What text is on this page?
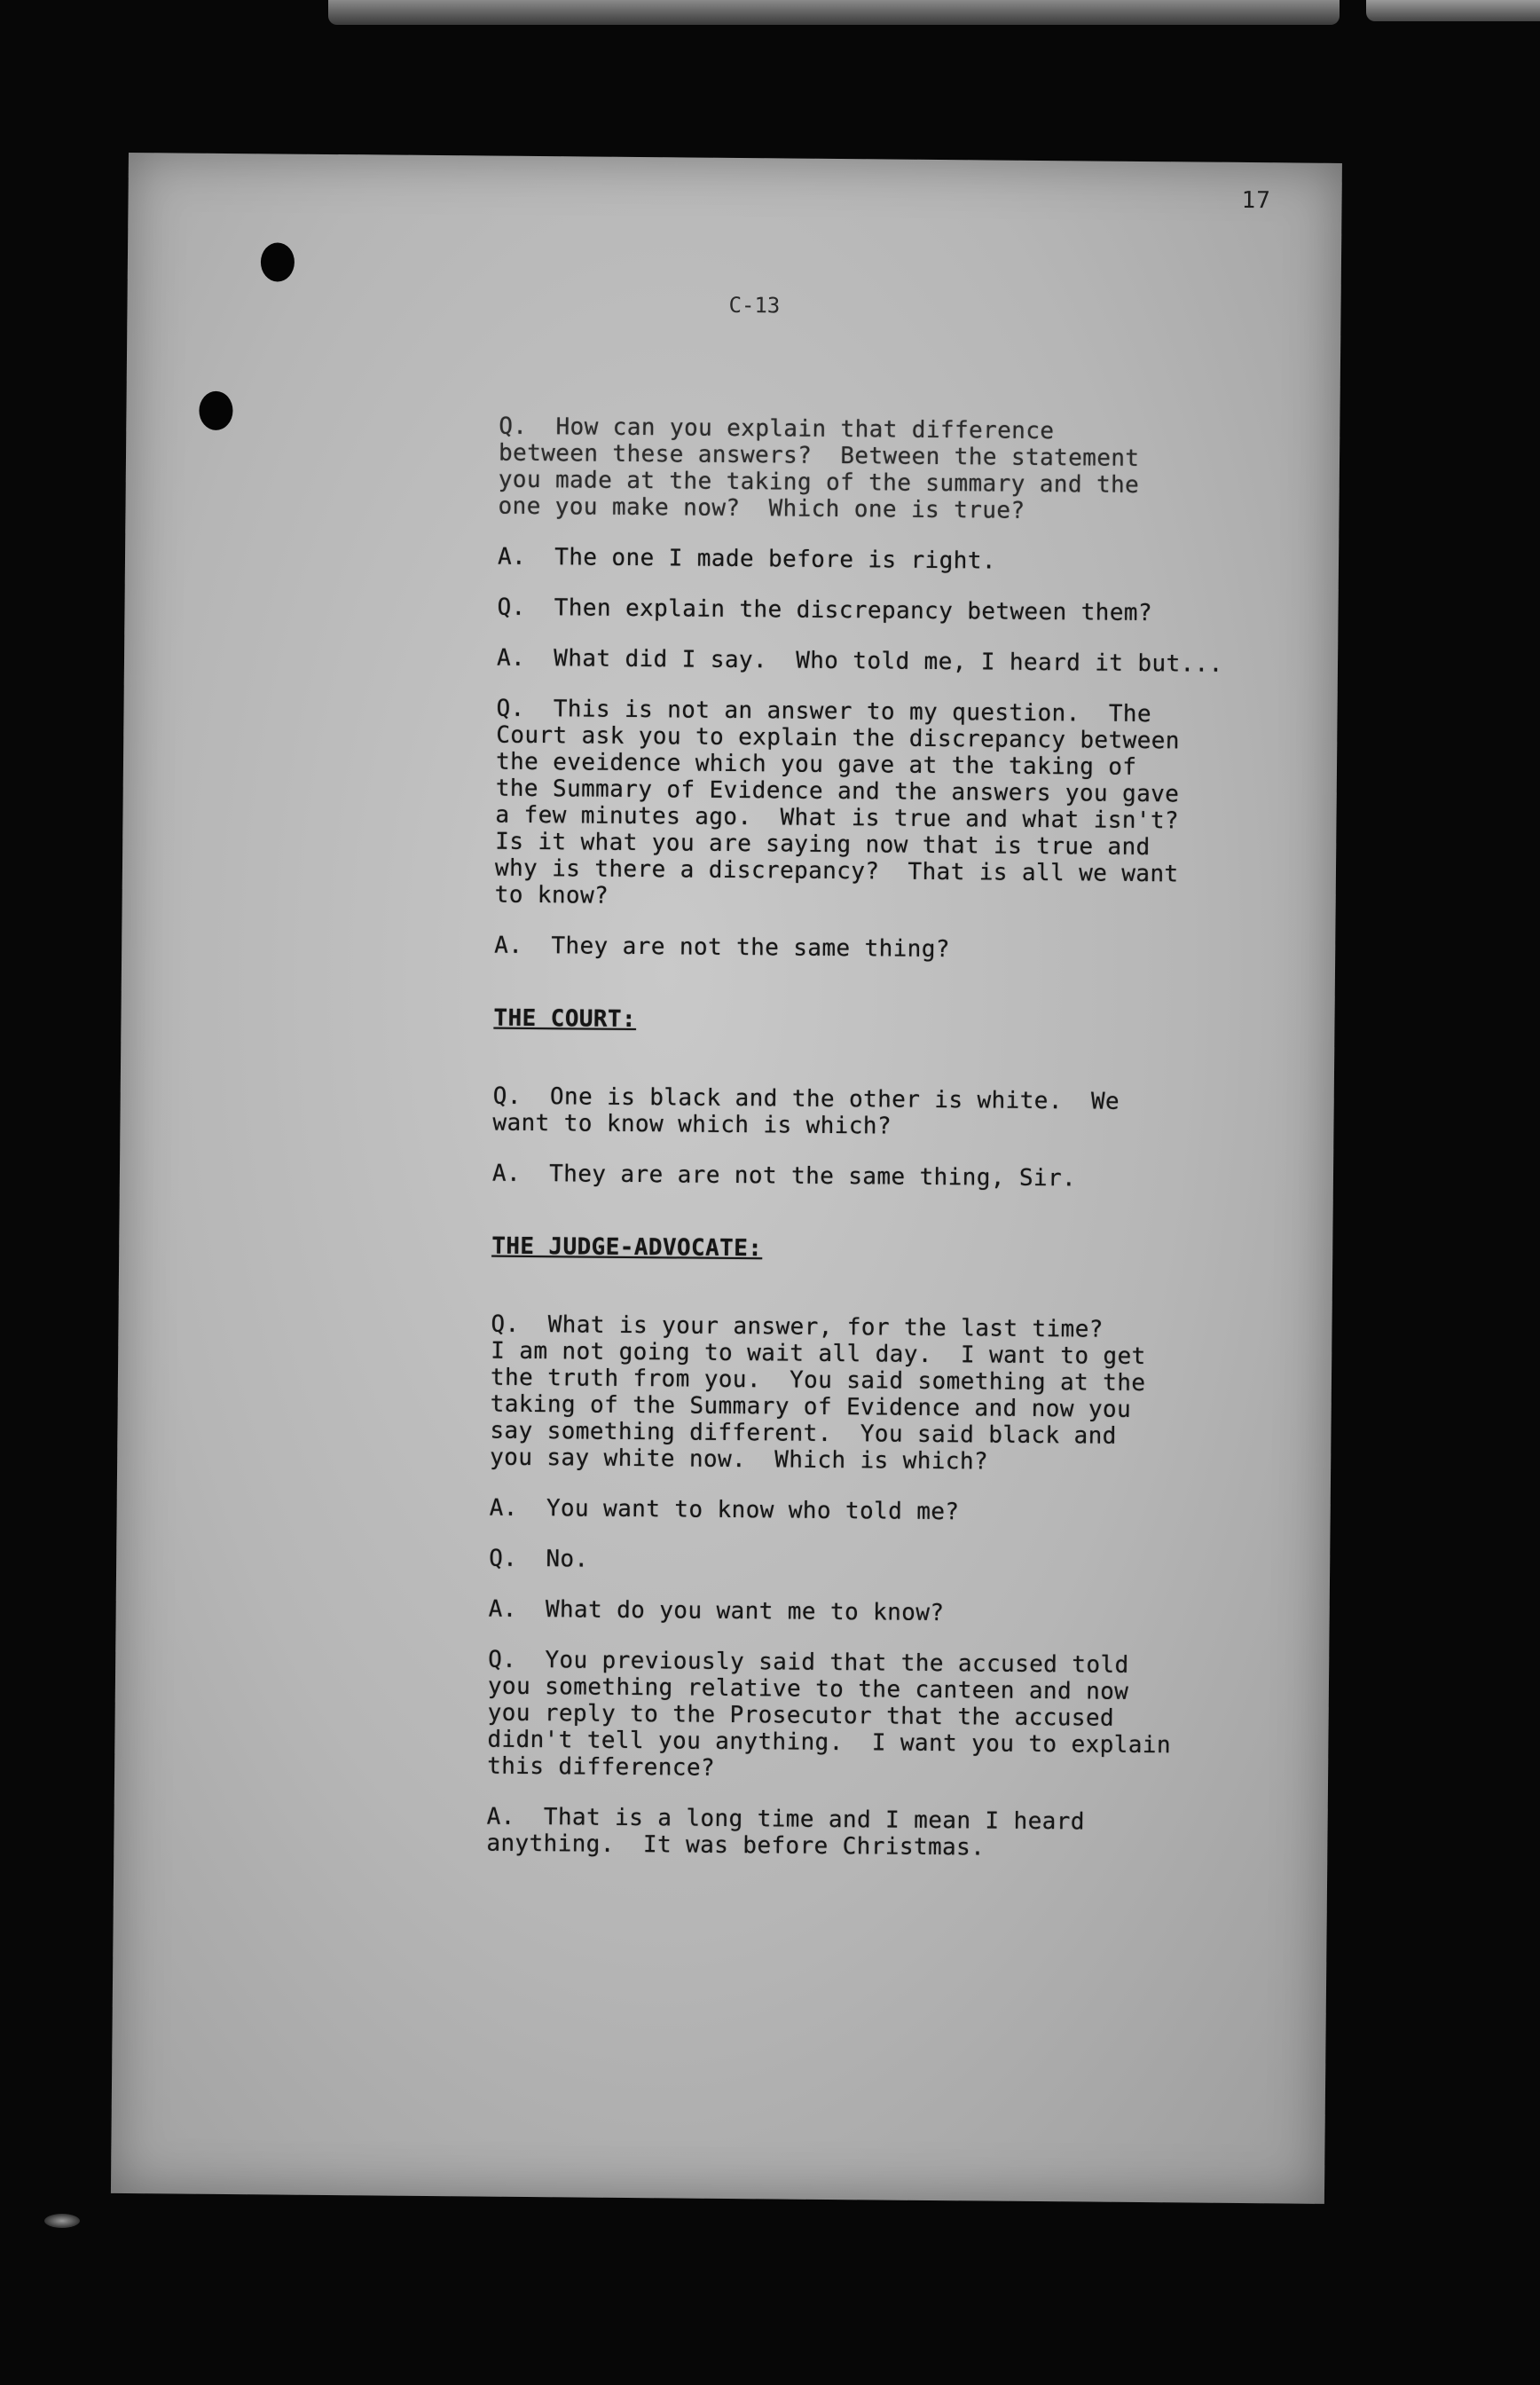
17
C-13
Q.  How can you explain that difference
between these answers?  Between the statement
you made at the taking of the summary and the
one you make now?  Which one is true?
A.  The one I made before is right.
Q.  Then explain the discrepancy between them?
A.  What did I say.  Who told me, I heard it but...
Q.  This is not an answer to my question.  The
Court ask you to explain the discrepancy between
the eveidence which you gave at the taking of
the Summary of Evidence and the answers you gave
a few minutes ago.  What is true and what isn't?
Is it what you are saying now that is true and
why is there a discrepancy?  That is all we want
to know?
A.  They are not the same thing?
THE COURT:
Q.  One is black and the other is white.  We
want to know which is which?
A.  They are are not the same thing, Sir.
THE JUDGE-ADVOCATE:
Q.  What is your answer, for the last time?
I am not going to wait all day.  I want to get
the truth from you.  You said something at the
taking of the Summary of Evidence and now you
say something different.  You said black and
you say white now.  Which is which?
A.  You want to know who told me?
Q.  No.
A.  What do you want me to know?
Q.  You previously said that the accused told
you something relative to the canteen and now
you reply to the Prosecutor that the accused
didn't tell you anything.  I want you to explain
this difference?
A.  That is a long time and I mean I heard
anything.  It was before Christmas.
